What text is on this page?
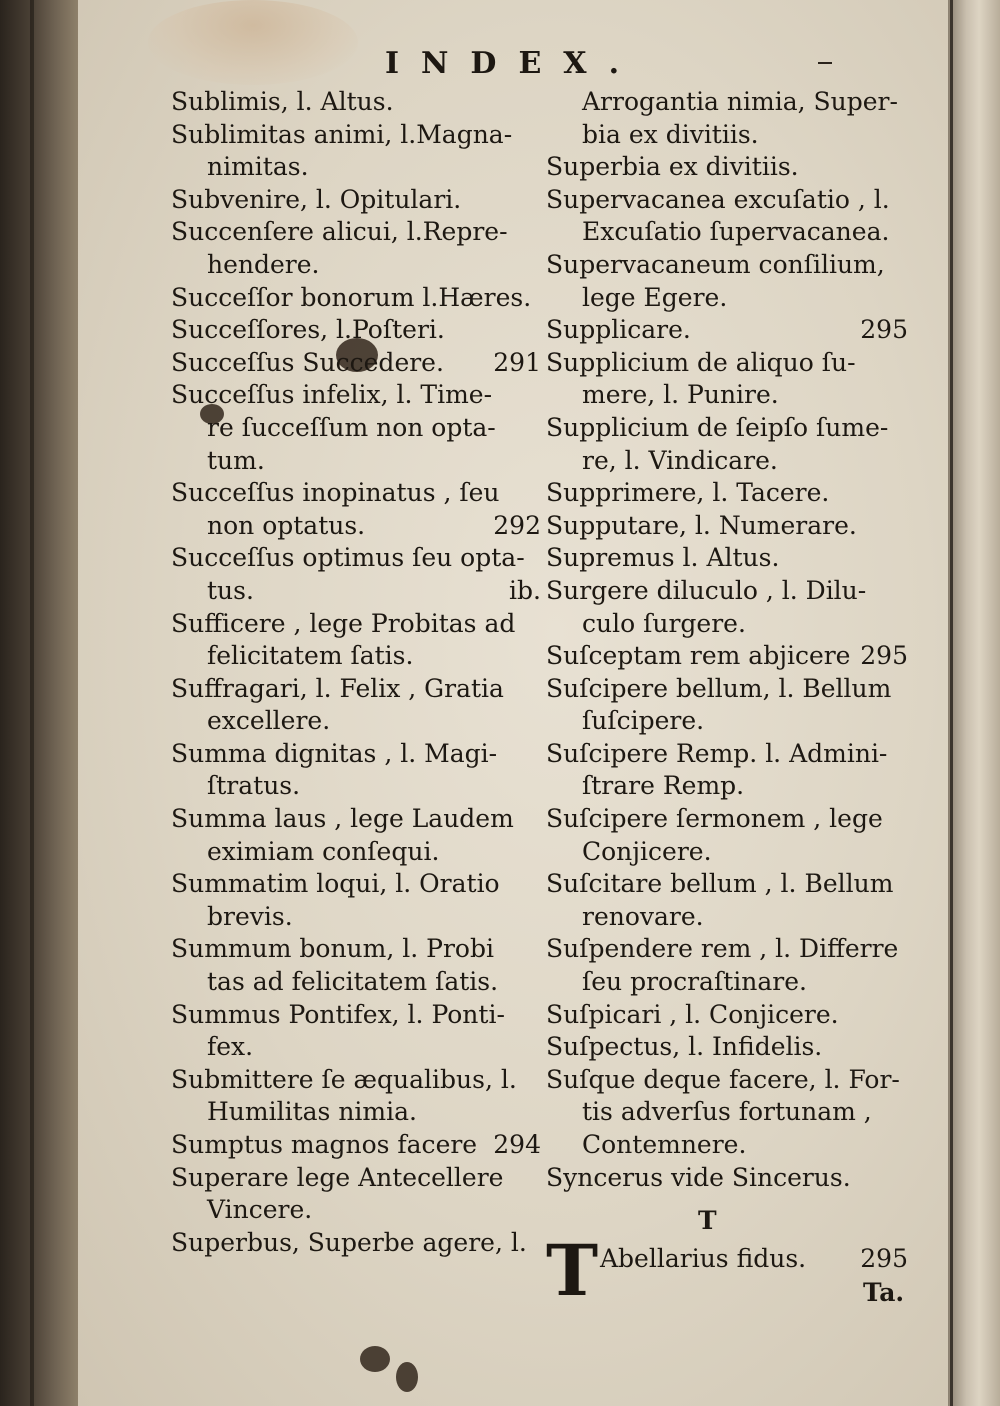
INDEX.
Sublimis, l. Altus.
Sublimitas animi, l.Magna-
nimitas.
Subvenire, l. Opitulari.
Succenſere alicui, l.Repre-
hendere.
Succeſſor bonorum l.Hæres.
Succeſſores, l.Poſteri.
Succeſſus Succedere. 291
Succeſſus infelix, l. Time-
re ſucceſſum non opta-
tum.
Succeſſus inopinatus , ſeu
non optatus.	292
Succeſſus optimus ſeu opta-
tus.	ib.
Sufficere , lege Probitas ad
felicitatem ſatis.
Suffragari, l. Felix , Gratia
excellere.
Summa dignitas , l. Magi-
ſtratus.
Summa laus , lege Laudem
eximiam conſequi.
Summatim loqui, l. Oratio
brevis.
Summum bonum, l. Probi
tas ad felicitatem ſatis.
Summus Pontifex, l. Ponti-
fex.
Submittere ſe æqualibus, l.
Humilitas nimia.
Sumptus magnos facere 294
Superare lege Antecellere
Vincere.
Superbus, Superbe agere, l.
Arrogantia nimia, Super-
bia ex divitiis.
Superbia ex divitiis.
Supervacanea excuſatio , l.
Excuſatio ſupervacanea.
Supervacaneum conſilium,
lege Egere.
Supplicare.	295
Supplicium de aliquo ſu-
mere, l. Punire.
Supplicium de ſeipſo ſume-
re, l. Vindicare.
Supprimere, l. Tacere.
Supputare, l. Numerare.
Supremus l. Altus.
Surgere diluculo , l. Dilu-
culo ſurgere.
Suſceptam rem abjicere 295
Suſcipere bellum, l. Bellum
ſuſcipere.
Suſcipere Remp. l. Admini-
ſtrare Remp.
Suſcipere ſermonem , lege
Conjicere.
Suſcitare bellum , l. Bellum
renovare.
Suſpendere rem , l. Differre
ſeu procraſtinare.
Suſpicari , l. Conjicere.
Suſpectus, l. Infidelis.
Suſque deque facere, l. For-
tis adverſus fortunam ,
Contemnere.
Syncerus vide Sincerus.
T
T Abellarius fidus. 295
Ta.
